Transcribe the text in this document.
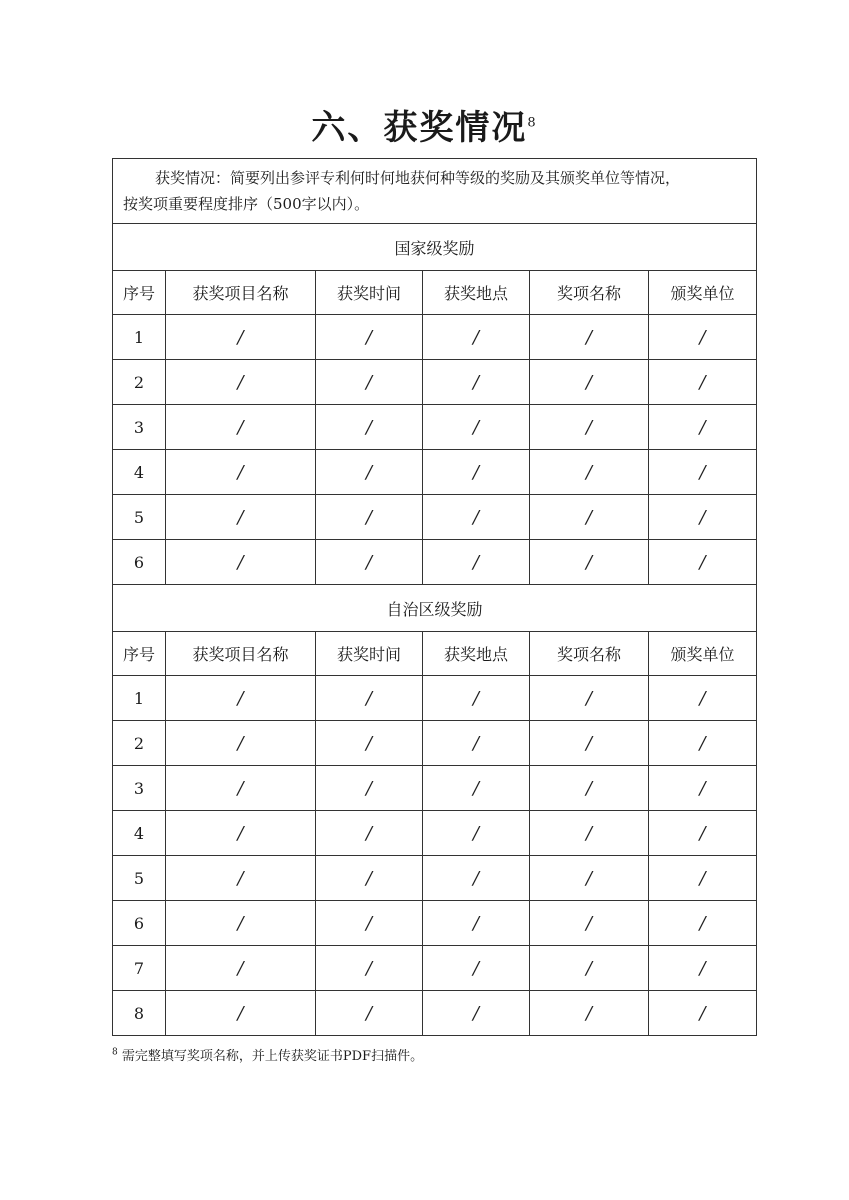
六、获奖情况$^8$
获奖情况：简要列出参评专利何时何地获何种等级的奖励及其颁奖单位等情况，
按奖项重要程度排序（500字以内）。					
国家级奖励					
序号	获奖项目名称	获奖时间	获奖地点	奖项名称	颁奖单位
1	/	/	/	/	/
2	/	/	/	/	/
3	/	/	/	/	/
4	/	/	/	/	/
5	/	/	/	/	/
6	/	/	/	/	/
自治区级奖励					
序号	获奖项目名称	获奖时间	获奖地点	奖项名称	颁奖单位
1	/	/	/	/	/
2	/	/	/	/	/
3	/	/	/	/	/
4	/	/	/	/	/
5	/	/	/	/	/
6	/	/	/	/	/
7	/	/	/	/	/
8	/	/	/	/	/
$^8$ 需完整填写奖项名称，并上传获奖证书PDF扫描件。
